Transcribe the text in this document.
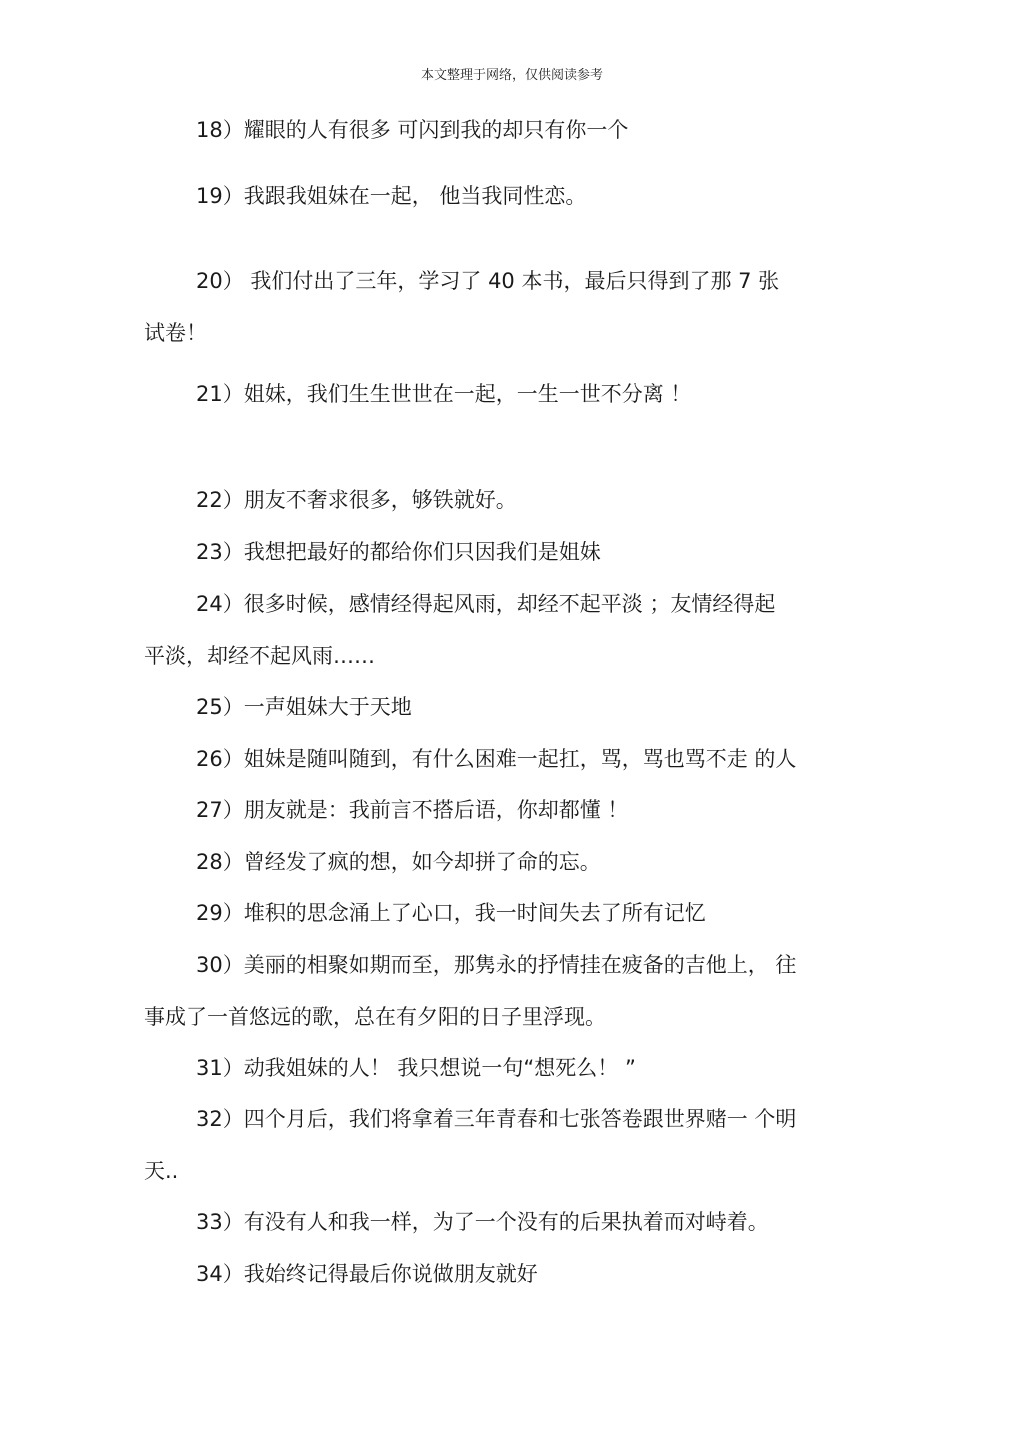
本文整理于网络，仅供阅读参考
18）耀眼的人有很多 可闪到我的却只有你一个
19）我跟我姐妹在一起， 他当我同性恋。
20） 我们付出了三年，学习了 40 本书，最后只得到了那 7 张
试卷！
21）姐妹，我们生生世世在一起，一生一世不分离 ！
22）朋友不奢求很多，够铁就好。
23）我想把最好的都给你们只因我们是姐妹
24）很多时候，感情经得起风雨，却经不起平淡 ；友情经得起
平淡，却经不起风雨……
25）一声姐妹大于天地
26）姐妹是随叫随到，有什么困难一起扛，骂，骂也骂不走 的人
27）朋友就是：我前言不搭后语，你却都懂 ！
28）曾经发了疯的想，如今却拼了命的忘。
29）堆积的思念涌上了心口，我一时间失去了所有记忆
30）美丽的相聚如期而至，那隽永的抒情挂在疲备的吉他上， 往
事成了一首悠远的歌，总在有夕阳的日子里浮现。
31）动我姐妹的人！ 我只想说一句“想死么！ ”
32）四个月后，我们将拿着三年青春和七张答卷跟世界赌一 个明
天..
33）有没有人和我一样，为了一个没有的后果执着而对峙着。
34）我始终记得最后你说做朋友就好
